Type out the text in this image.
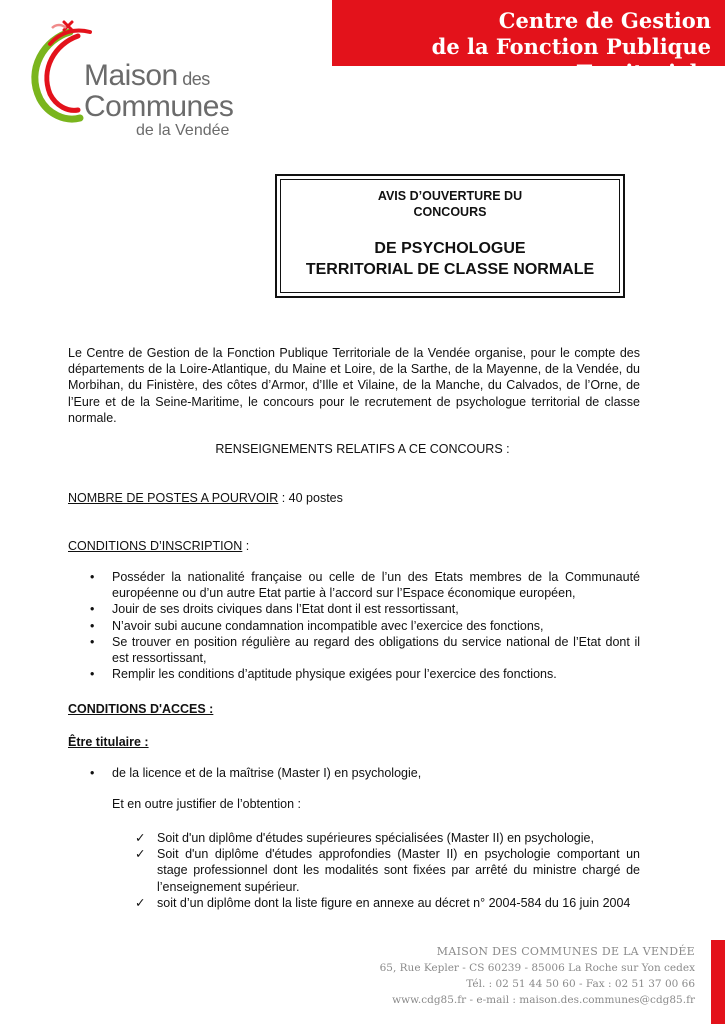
Centre de Gestion
de la Fonction Publique Territoriale
Maison des
Communes
de la Vendée
AVIS D’OUVERTURE DU
CONCOURS
DE PSYCHOLOGUE
TERRITORIAL DE CLASSE NORMALE
Le Centre de Gestion de la Fonction Publique Territoriale de la Vendée organise, pour le compte des départements de la Loire-Atlantique, du Maine et Loire, de la Sarthe, de la Mayenne, de la Vendée, du Morbihan, du Finistère, des côtes d’Armor, d’Ille et Vilaine, de la Manche, du Calvados, de l’Orne, de l’Eure et de la Seine-Maritime, le concours pour le recrutement de psychologue territorial de classe normale.
RENSEIGNEMENTS RELATIFS A CE CONCOURS :
NOMBRE DE POSTES A POURVOIR : 40 postes
CONDITIONS D’INSCRIPTION :
• Posséder la nationalité française ou celle de l’un des Etats membres de la Communauté européenne ou d’un autre Etat partie à l’accord sur l’Espace économique européen,
• Jouir de ses droits civiques dans l’Etat dont il est ressortissant,
• N’avoir subi aucune condamnation incompatible avec l’exercice des fonctions,
• Se trouver en position régulière au regard des obligations du service national de l’Etat dont il est ressortissant,
• Remplir les conditions d’aptitude physique exigées pour l’exercice des fonctions.
CONDITIONS D'ACCES :
Être titulaire :
• de la licence et de la maîtrise (Master I) en psychologie,
Et en outre justifier de l’obtention :
✓ Soit d'un diplôme d'études supérieures spécialisées (Master II) en psychologie,
✓ Soit d'un diplôme d'études approfondies (Master II) en psychologie comportant un stage professionnel dont les modalités sont fixées par arrêté du ministre chargé de l’enseignement supérieur.
✓ soit d’un diplôme dont la liste figure en annexe au décret n° 2004-584 du 16 juin 2004
MAISON DES COMMUNES DE LA VENDÉE
65, Rue Kepler - CS 60239 - 85006 La Roche sur Yon cedex
Tél. : 02 51 44 50 60 - Fax : 02 51 37 00 66
www.cdg85.fr - e-mail : maison.des.communes@cdg85.fr
